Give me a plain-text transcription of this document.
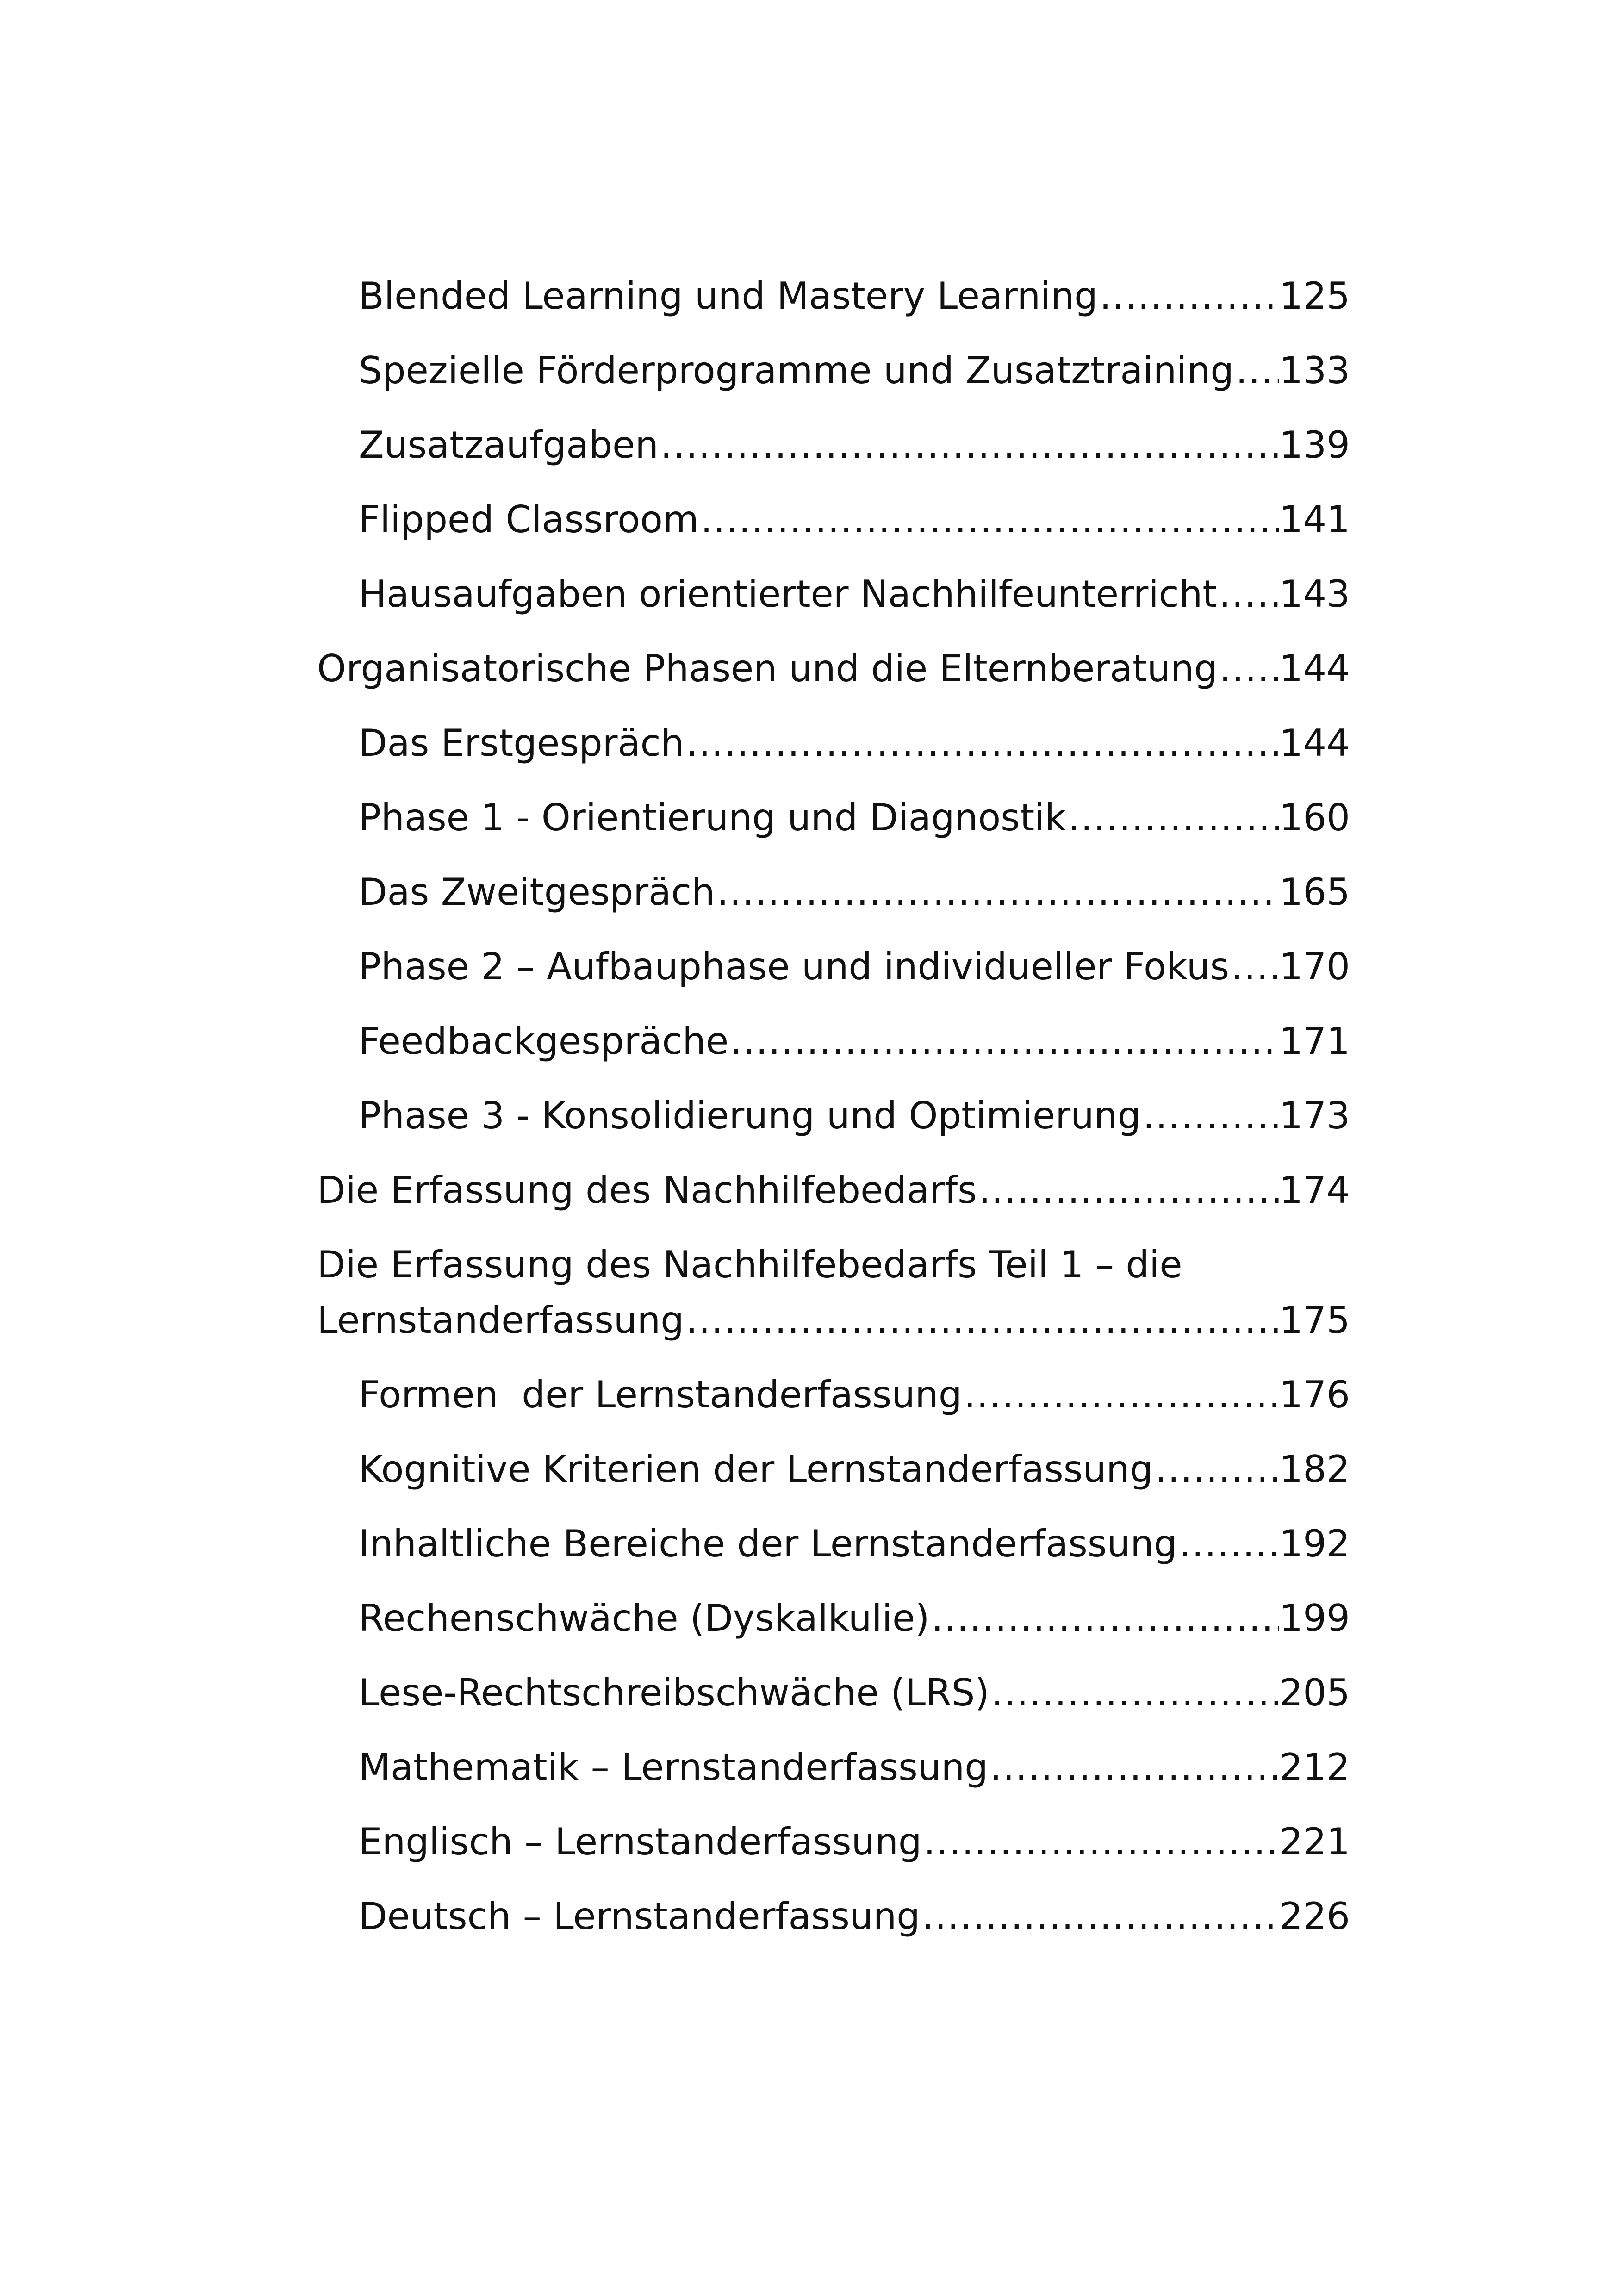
Blended Learning und Mastery Learning .....	125
Spezielle Förderprogramme und Zusatztraining ..... 133
Zusatzaufgaben .....	139
Flipped Classroom .....	141
Hausaufgaben orientierter Nachhilfeunterricht ..... 143
Organisatorische Phasen und die Elternberatung ..... 144
Das Erstgespräch .....	144
Phase 1 - Orientierung und Diagnostik .....	160
Das Zweitgespräch .....	165
Phase 2 – Aufbauphase und individueller Fokus ..... 170
Feedbackgespräche .....	171
Phase 3 - Konsolidierung und Optimierung .....	173
Die Erfassung des Nachhilfebedarfs .....	174
Die Erfassung des Nachhilfebedarfs Teil 1 – die
Lernstanderfassung .....	175
Formen  der Lernstanderfassung .....	176
Kognitive Kriterien der Lernstanderfassung .....	182
Inhaltliche Bereiche der Lernstanderfassung .....	192
Rechenschwäche (Dyskalkulie) .....	199
Lese-Rechtschreibschwäche (LRS) .....	205
Mathematik – Lernstanderfassung .....	212
Englisch – Lernstanderfassung .....	221
Deutsch – Lernstanderfassung .....	226
